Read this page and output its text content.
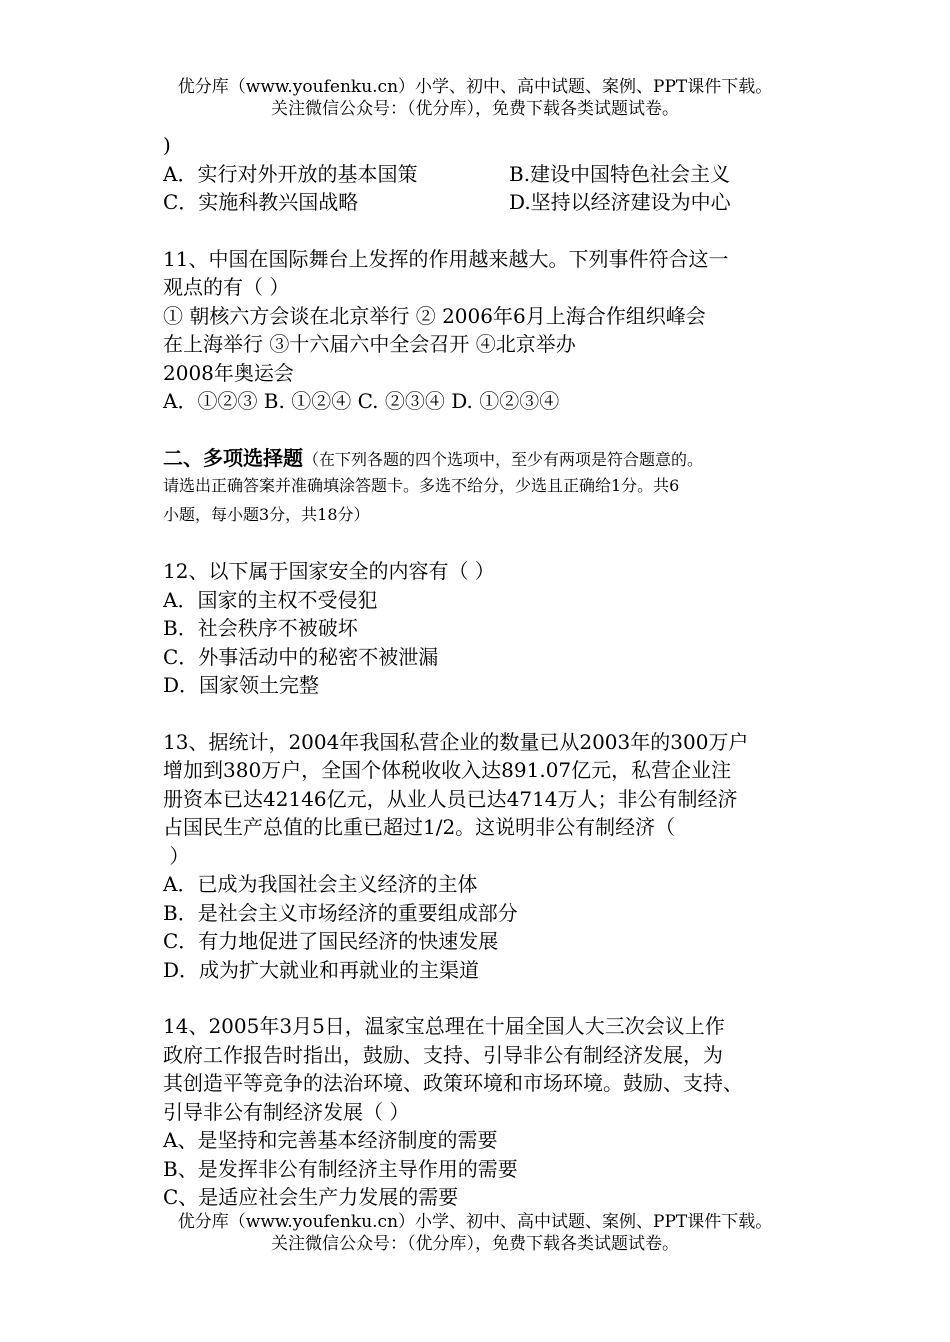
优分库（www.youfenku.cn）小学、初中、高中试题、案例、PPT课件下载。
关注微信公众号：（优分库），免费下载各类试题试卷。
)
A．实行对外开放的基本国策	B.建设中国特色社会主义
C．实施科教兴国战略	D.坚持以经济建设为中心
11、中国在国际舞台上发挥的作用越来越大。下列事件符合这一
观点的有（ ）
① 朝核六方会谈在北京举行 ② 2006年6月上海合作组织峰会
在上海举行 ③十六届六中全会召开 ④北京举办
2008年奥运会
A．①②③ B. ①②④ C. ②③④ D. ①②③④
二、多项选择题（在下列各题的四个选项中，至少有两项是符合题意的。
请选出正确答案并准确填涂答题卡。多选不给分，少选且正确给1分。共6
小题，每小题3分，共18分）
12、以下属于国家安全的内容有（ ）
A．国家的主权不受侵犯
B．社会秩序不被破坏
C．外事活动中的秘密不被泄漏
D．国家领土完整
13、据统计，2004年我国私营企业的数量已从2003年的300万户
增加到380万户，全国个体税收收入达891.07亿元，私营企业注
册资本已达42146亿元，从业人员已达4714万人；非公有制经济
占国民生产总值的比重已超过1/2。这说明非公有制经济（
）
A．已成为我国社会主义经济的主体
B．是社会主义市场经济的重要组成部分
C．有力地促进了国民经济的快速发展
D．成为扩大就业和再就业的主渠道
14、2005年3月5日，温家宝总理在十届全国人大三次会议上作
政府工作报告时指出，鼓励、支持、引导非公有制经济发展，为
其创造平等竞争的法治环境、政策环境和市场环境。鼓励、支持、
引导非公有制经济发展（ ）
A、是坚持和完善基本经济制度的需要
B、是发挥非公有制经济主导作用的需要
C、是适应社会生产力发展的需要
优分库（www.youfenku.cn）小学、初中、高中试题、案例、PPT课件下载。
关注微信公众号：（优分库），免费下载各类试题试卷。
